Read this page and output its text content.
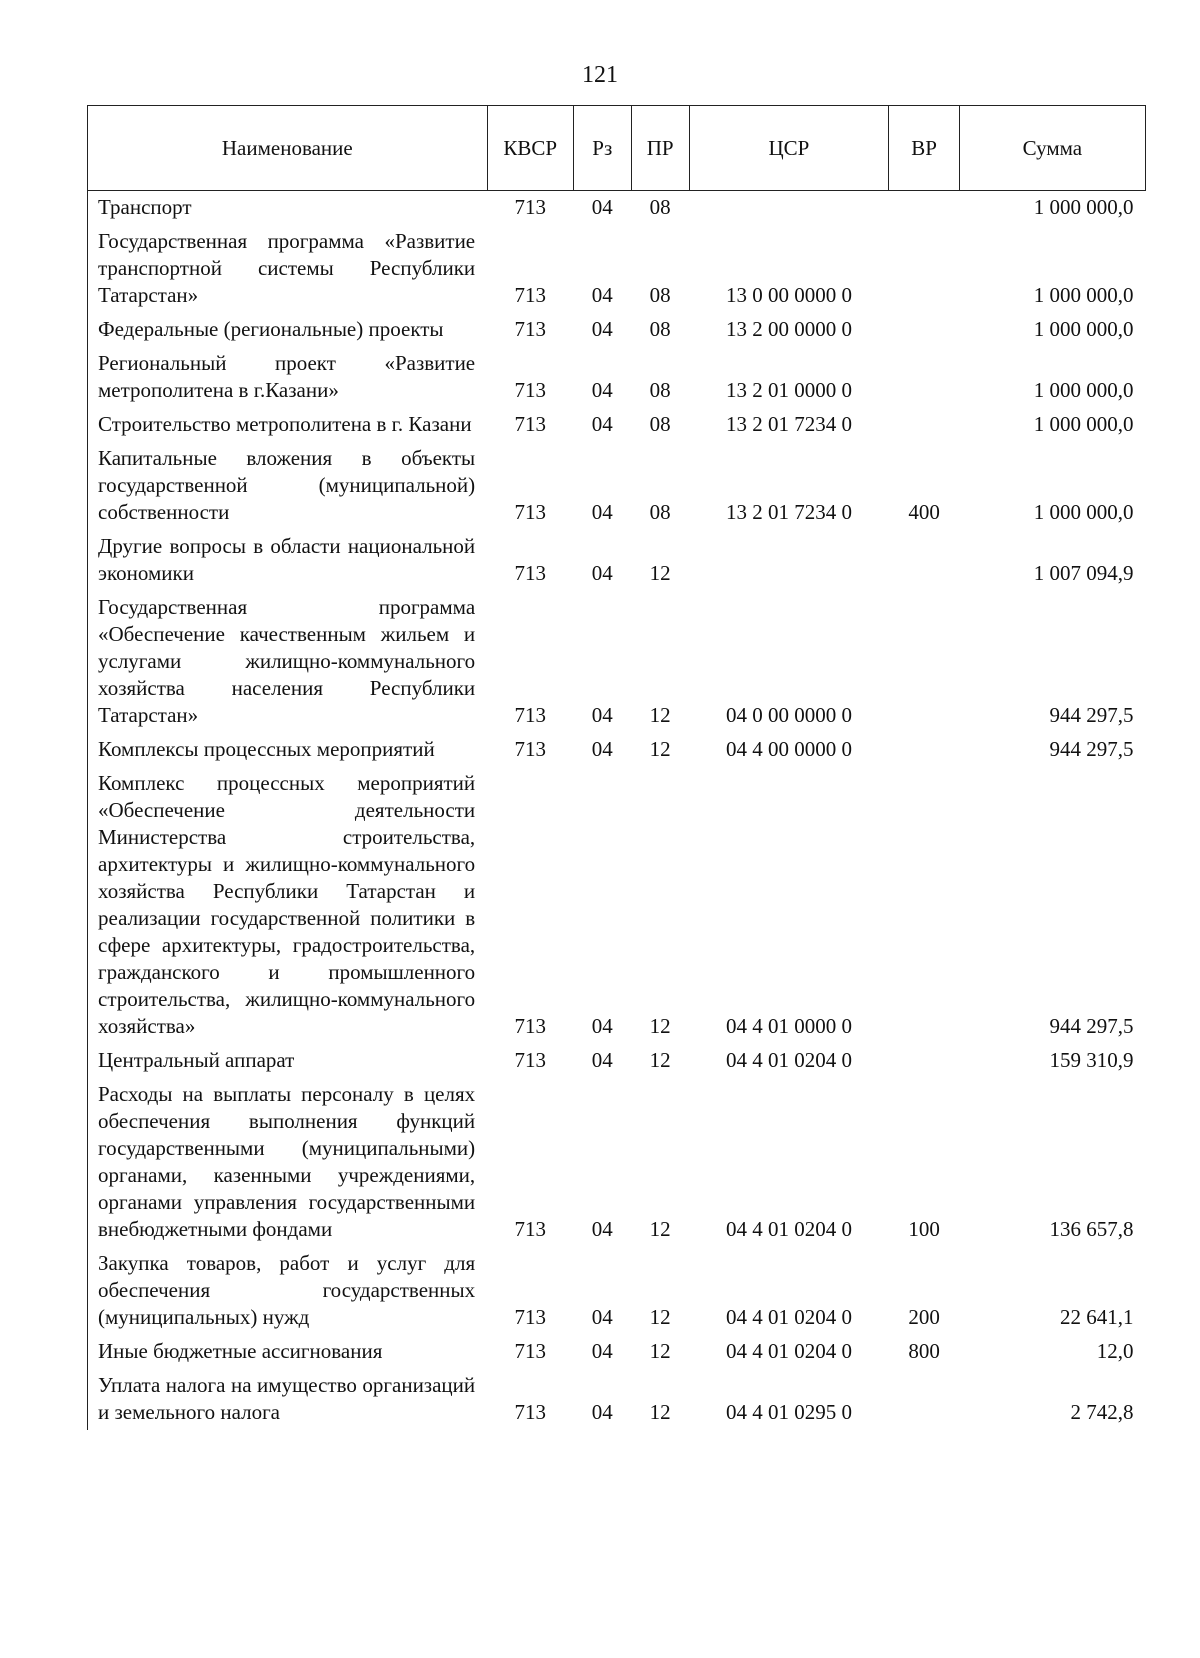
121
Наименование	КВСР	Рз	ПР	ЦСР	ВР	Сумма
Транспорт	713	04	08			1 000 000,0
Государственная программа «Развитие транспортной системы Республики Татарстан»	713	04	08	13 0 00 0000 0		1 000 000,0
Федеральные (региональные) проекты	713	04	08	13 2 00 0000 0		1 000 000,0
Региональный проект «Развитие метрополитена в г.Казани»	713	04	08	13 2 01 0000 0		1 000 000,0
Строительство метрополитена в г. Казани	713	04	08	13 2 01 7234 0		1 000 000,0
Капитальные вложения в объекты государственной (муниципальной) собственности	713	04	08	13 2 01 7234 0	400	1 000 000,0
Другие вопросы в области национальной экономики	713	04	12			1 007 094,9
Государственная программа «Обеспечение качественным жильем и услугами жилищно-коммунального хозяйства населения Республики Татарстан»	713	04	12	04 0 00 0000 0		944 297,5
Комплексы процессных мероприятий	713	04	12	04 4 00 0000 0		944 297,5
Комплекс процессных мероприятий «Обеспечение деятельности Министерства строительства, архитектуры и жилищно-коммунального хозяйства Республики Татарстан и реализации государственной политики в сфере архитектуры, градостроительства, гражданского и промышленного строительства, жилищно-коммунального хозяйства»	713	04	12	04 4 01 0000 0		944 297,5
Центральный аппарат	713	04	12	04 4 01 0204 0		159 310,9
Расходы на выплаты персоналу в целях обеспечения выполнения функций государственными (муниципальными) органами, казенными учреждениями, органами управления государственными внебюджетными фондами	713	04	12	04 4 01 0204 0	100	136 657,8
Закупка товаров, работ и услуг для обеспечения государственных (муниципальных) нужд	713	04	12	04 4 01 0204 0	200	22 641,1
Иные бюджетные ассигнования	713	04	12	04 4 01 0204 0	800	12,0
Уплата налога на имущество организаций и земельного налога	713	04	12	04 4 01 0295 0		2 742,8
